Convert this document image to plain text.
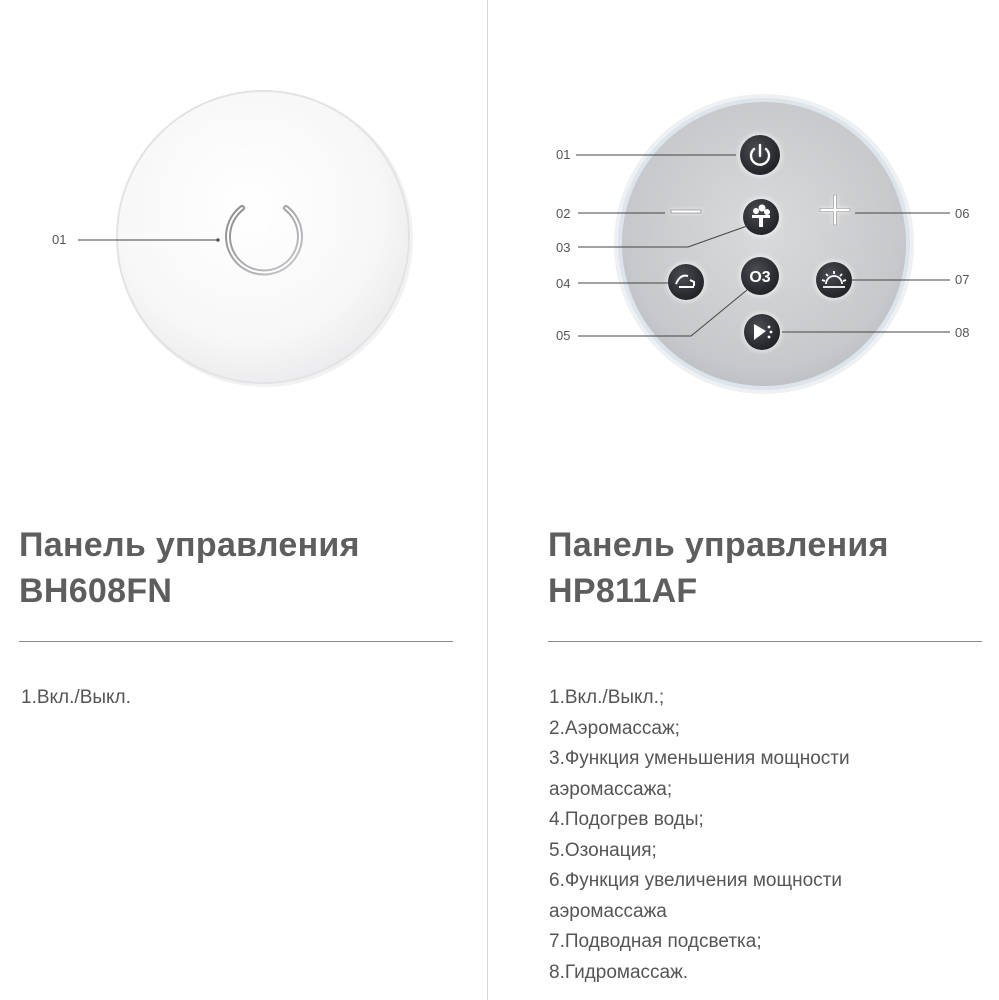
01
O3
01
02
03
04
05
06
07
08
Панель управления
BH608FN
1.Вкл./Выкл.
Панель управления
HP811AF
1.Вкл./Выкл.;
2.Аэромассаж;
3.Функция уменьшения мощности
аэромассажа;
4.Подогрев воды;
5.Озонация;
6.Функция увеличения мощности
аэромассажа
7.Подводная подсветка;
8.Гидромассаж.
